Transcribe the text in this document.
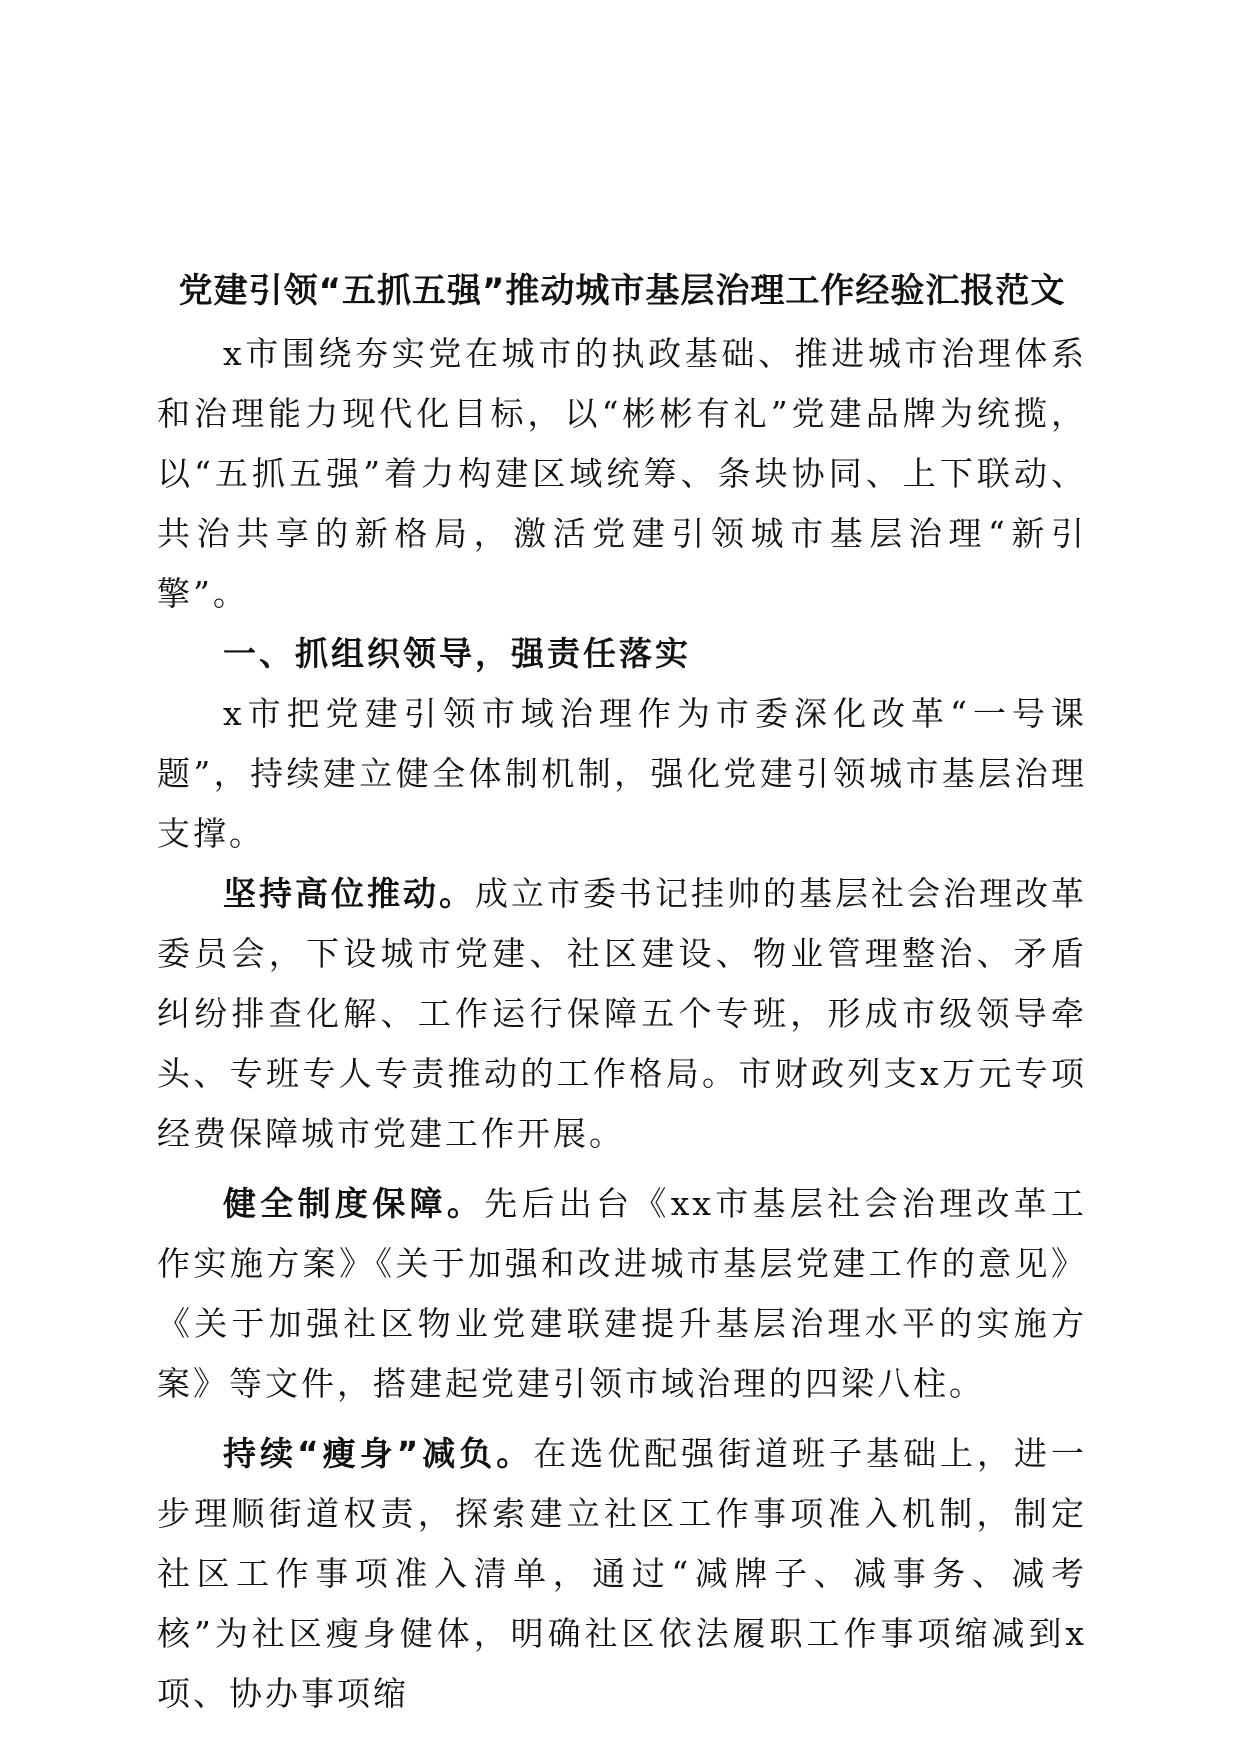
党建引领“五抓五强”推动城市基层治理工作经验汇报范文

x市围绕夯实党在城市的执政基础、推进城市治理体系和治理能力现代化目标，以“彬彬有礼”党建品牌为统揽，以“五抓五强”着力构建区域统筹、条块协同、上下联动、共治共享的新格局，激活党建引领城市基层治理“新引擎”。

一、抓组织领导，强责任落实

x市把党建引领市域治理作为市委深化改革“一号课题”，持续建立健全体制机制，强化党建引领城市基层治理支撑。

坚持高位推动。成立市委书记挂帅的基层社会治理改革委员会，下设城市党建、社区建设、物业管理整治、矛盾纠纷排查化解、工作运行保障五个专班，形成市级领导牵头、专班专人专责推动的工作格局。市财政列支x万元专项经费保障城市党建工作开展。

健全制度保障。先后出台《xx市基层社会治理改革工作实施方案》《关于加强和改进城市基层党建工作的意见》《关于加强社区物业党建联建提升基层治理水平的实施方案》等文件，搭建起党建引领市域治理的四梁八柱。

持续“瘦身”减负。在选优配强街道班子基础上，进一步理顺街道权责，探索建立社区工作事项准入机制，制定社区工作事项准入清单，通过“减牌子、减事务、减考核”为社区瘦身健体，明确社区依法履职工作事项缩减到x项、协办事项缩
